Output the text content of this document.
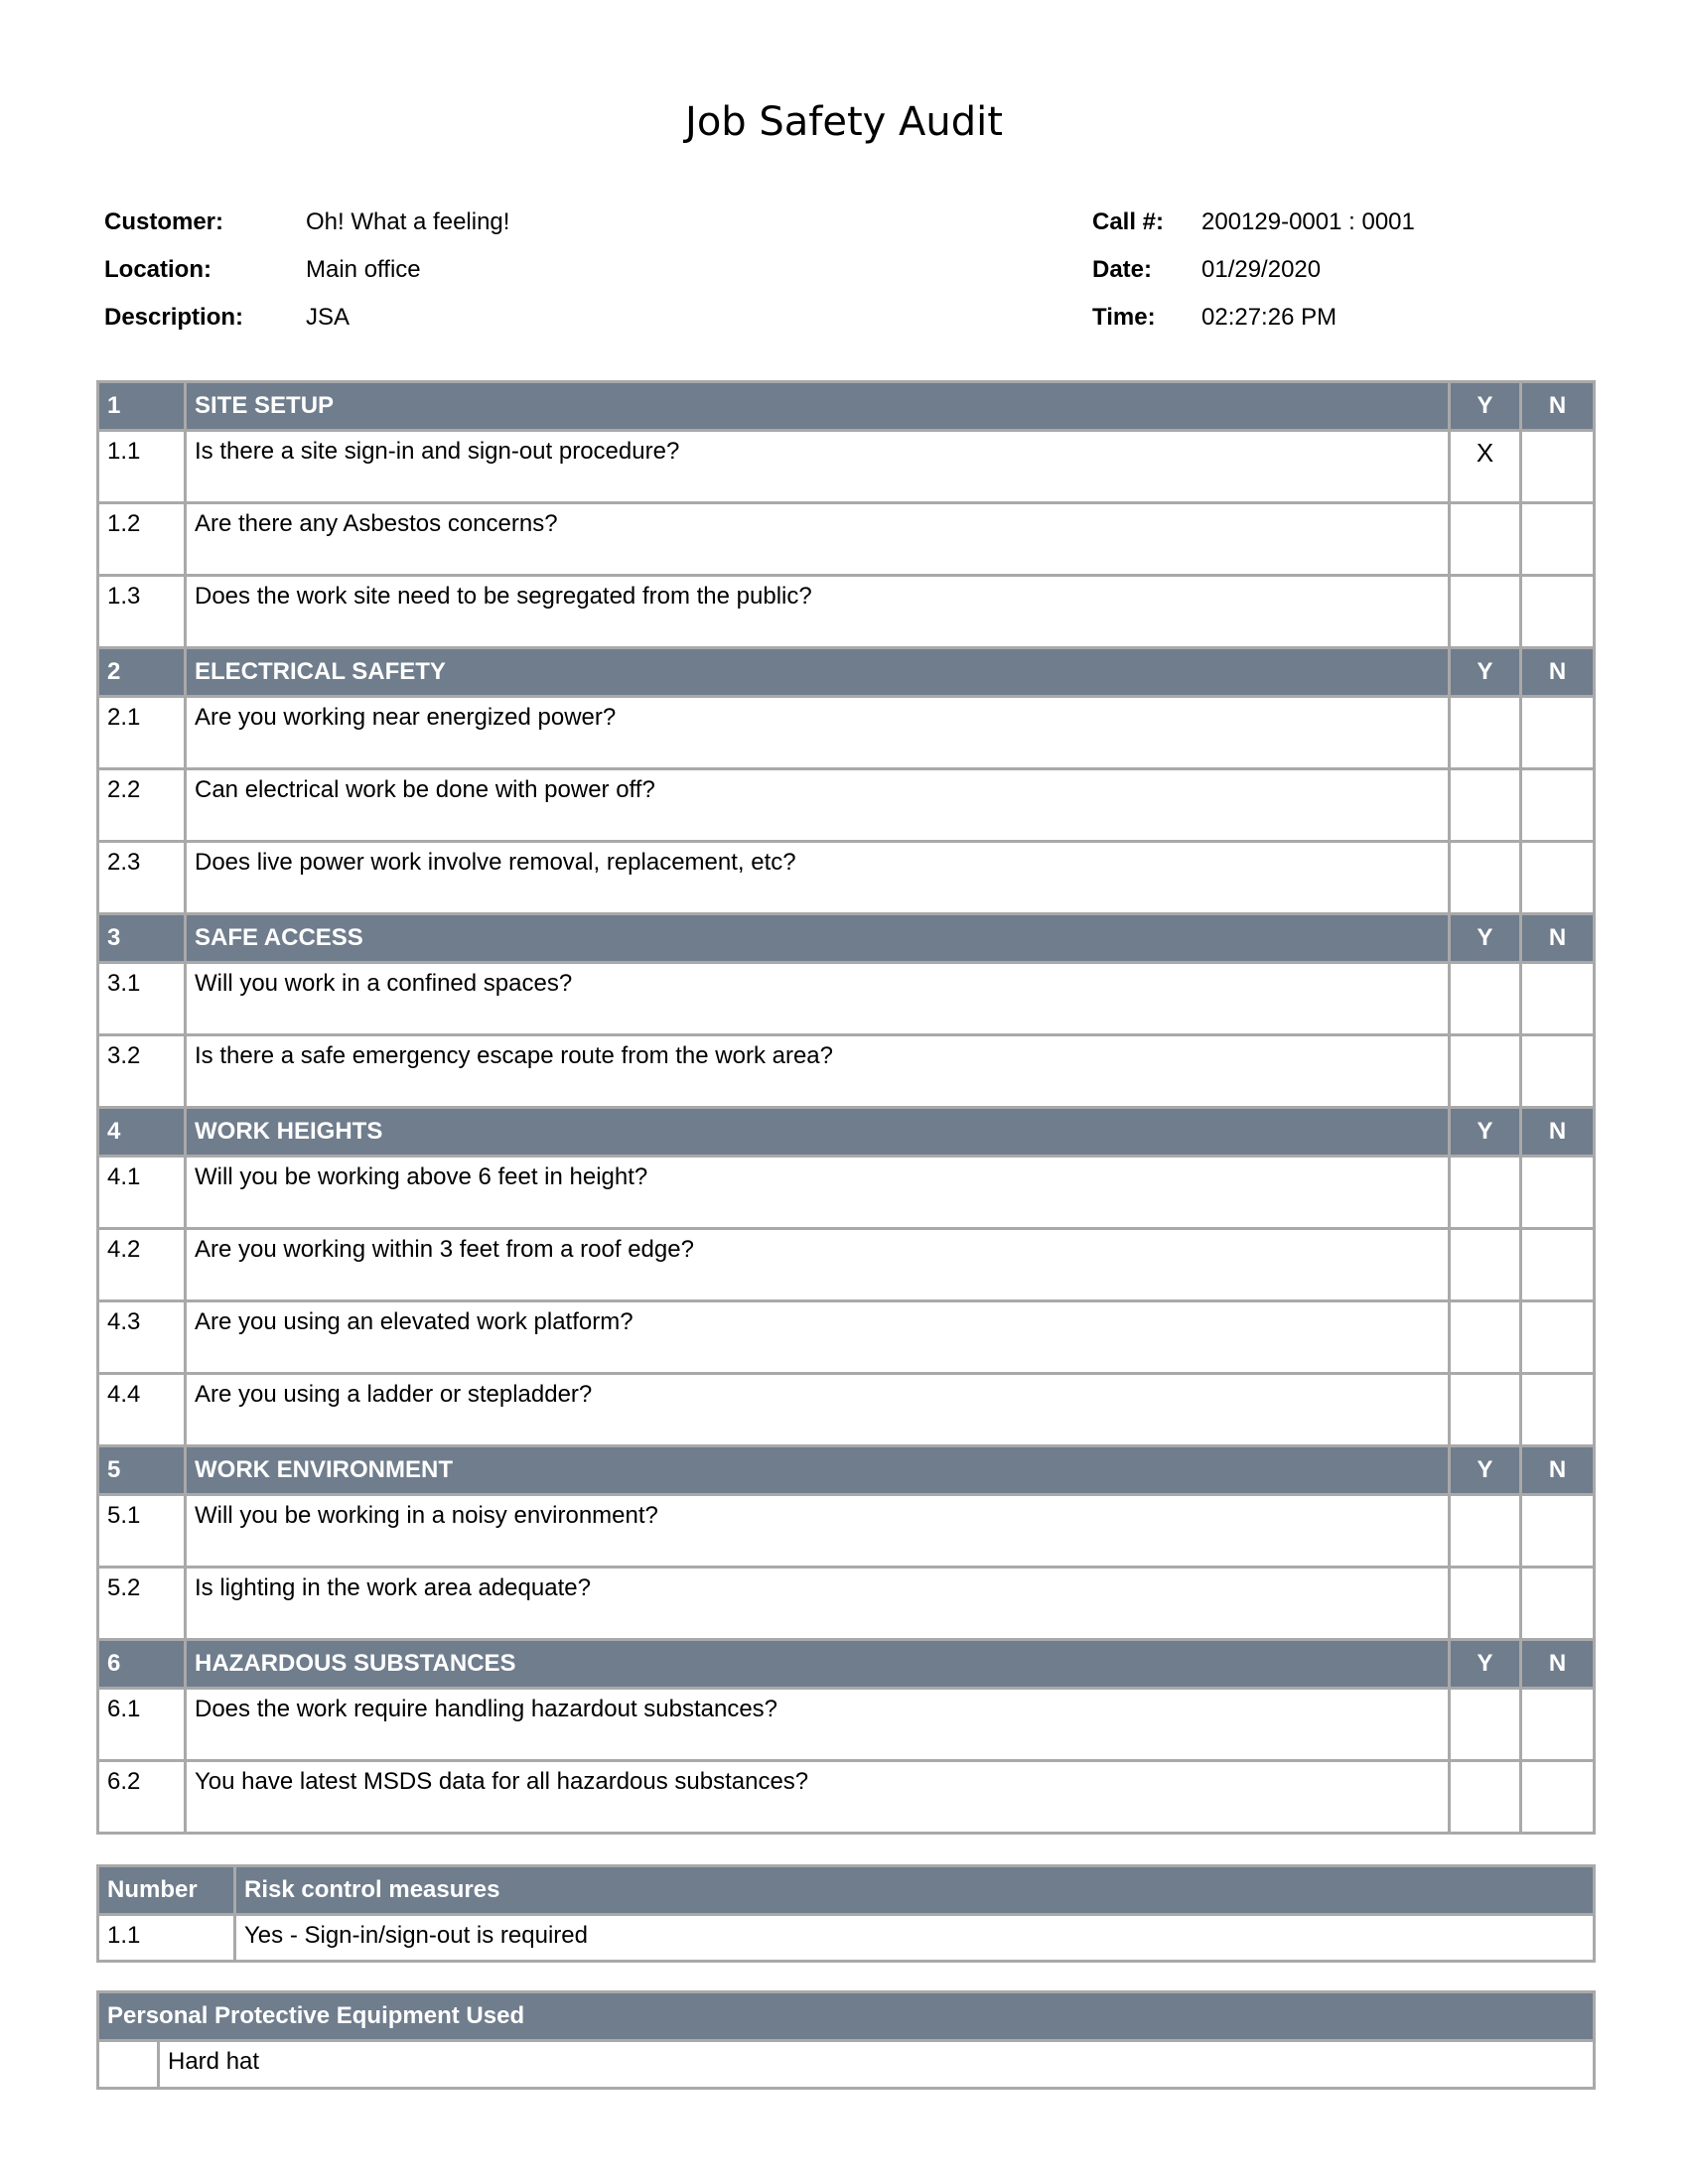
Job Safety Audit
Customer:	Oh! What a feeling!
Location:	Main office
Description:	JSA
Call #: 200129-0001 : 0001
Date: 01/29/2020
Time: 02:27:26 PM
1	SITE SETUP	Y	N
1.1	Is there a site sign-in and sign-out procedure?	X	
1.2	Are there any Asbestos concerns?		
1.3	Does the work site need to be segregated from the public?		
2	ELECTRICAL SAFETY	Y	N
2.1	Are you working near energized power?		
2.2	Can electrical work be done with power off?		
2.3	Does live power work involve removal, replacement, etc?		
3	SAFE ACCESS	Y	N
3.1	Will you work in a confined spaces?		
3.2	Is there a safe emergency escape route from the work area?		
4	WORK HEIGHTS	Y	N
4.1	Will you be working above 6 feet in height?		
4.2	Are you working within 3 feet from a roof edge?		
4.3	Are you using an elevated work platform?		
4.4	Are you using a ladder or stepladder?		
5	WORK ENVIRONMENT	Y	N
5.1	Will you be working in a noisy environment?		
5.2	Is lighting in the work area adequate?		
6	HAZARDOUS SUBSTANCES	Y	N
6.1	Does the work require handling hazardout substances?		
6.2	You have latest MSDS data for all hazardous substances?		
Number	Risk control measures
1.1	Yes - Sign-in/sign-out is required
Personal Protective Equipment Used
	Hard hat
